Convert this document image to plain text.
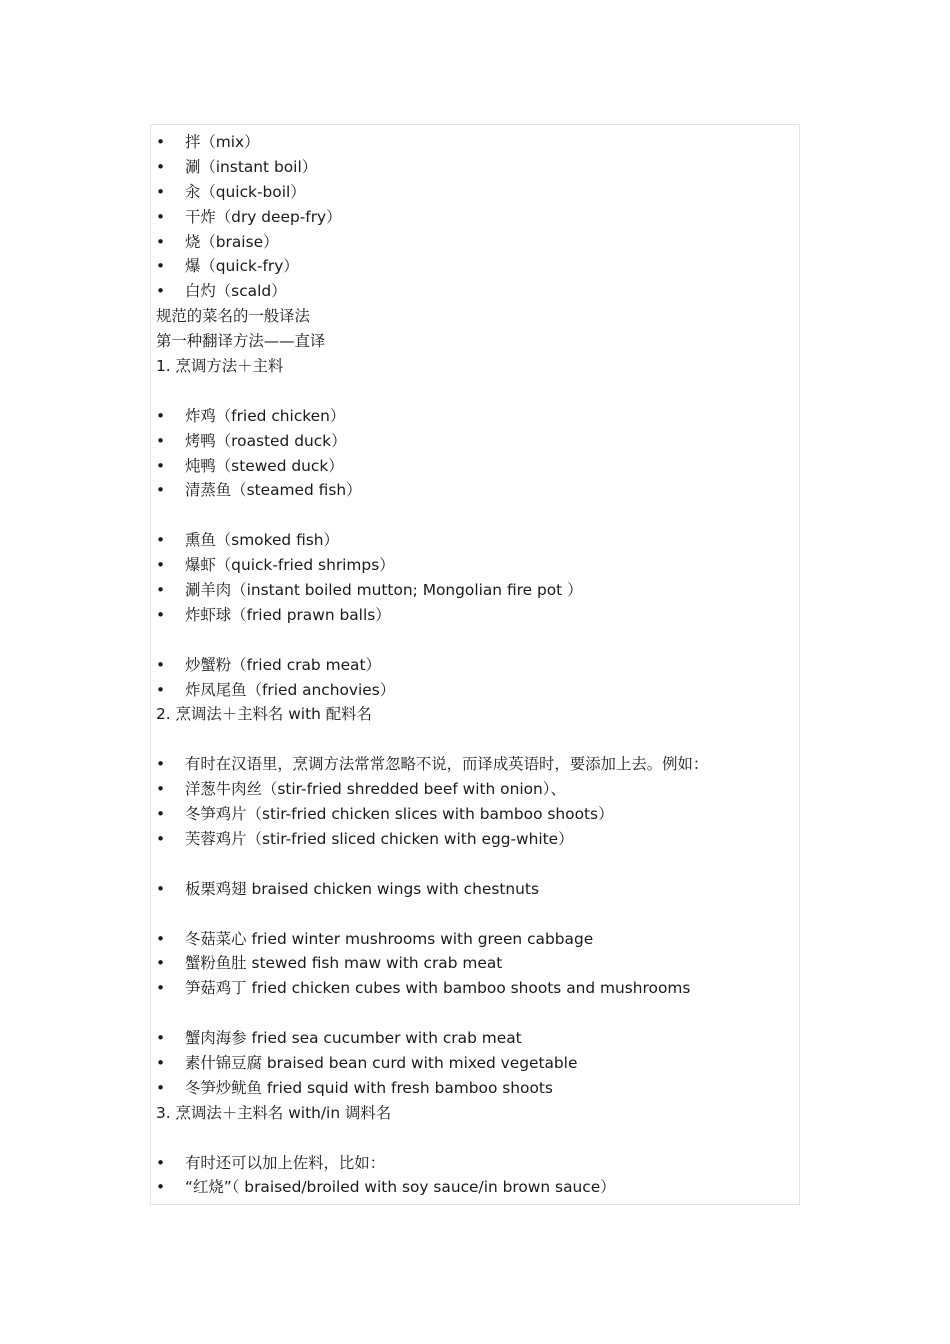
• 拌（mix）
• 涮（instant boil）
• 汆（quick-boil）
• 干炸（dry deep-fry）
• 烧（braise）
• 爆（quick-fry）
• 白灼（scald）
规范的菜名的一般译法
第一种翻译方法——直译
1. 烹调方法＋主料
• 炸鸡（fried chicken）
• 烤鸭（roasted duck）
• 炖鸭（stewed duck）
• 清蒸鱼（steamed fish）
• 熏鱼（smoked fish）
• 爆虾（quick-fried shrimps）
• 涮羊肉（instant boiled mutton; Mongolian fire pot ）
• 炸虾球（fried prawn balls）
• 炒蟹粉（fried crab meat）
• 炸凤尾鱼（fried anchovies）
2. 烹调法＋主料名 with 配料名
• 有时在汉语里，烹调方法常常忽略不说，而译成英语时，要添加上去。例如：
• 洋葱牛肉丝（stir-fried shredded beef with onion）、
• 冬笋鸡片（stir-fried chicken slices with bamboo shoots）
• 芙蓉鸡片（stir-fried sliced chicken with egg-white）
• 板栗鸡翅 braised chicken wings with chestnuts
• 冬菇菜心 fried winter mushrooms with green cabbage
• 蟹粉鱼肚 stewed fish maw with crab meat
• 笋菇鸡丁 fried chicken cubes with bamboo shoots and mushrooms
• 蟹肉海参 fried sea cucumber with crab meat
• 素什锦豆腐 braised bean curd with mixed vegetable
• 冬笋炒鱿鱼 fried squid with fresh bamboo shoots
3. 烹调法＋主料名 with/in 调料名
• 有时还可以加上佐料，比如：
• “红烧”（ braised/broiled with soy sauce/in brown sauce）
